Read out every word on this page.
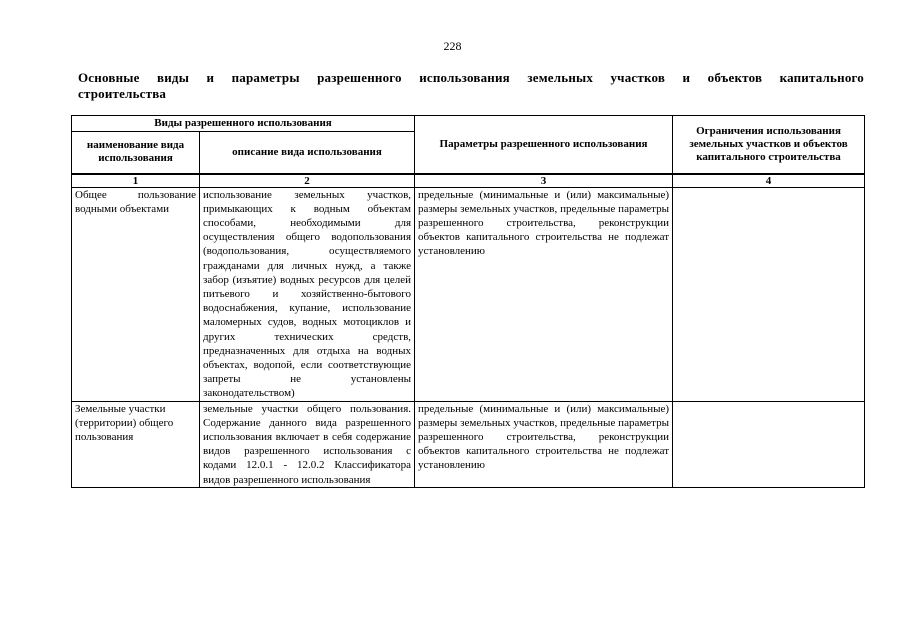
228
Основные виды и параметры разрешенного использования земельных участков и объектов капитального строительства
Виды разрешенного использования		Параметры разрешенного использования	Ограничения использования земельных участков и объектов капитального строительства
наименование вида использования	описание вида использования		
1	2	3	4
Общее пользование водными объектами	использование земельных участков, примыкающих к водным объектам способами, необходимыми для осуществления общего водопользования (водопользования, осуществляемого гражданами для личных нужд, а также забор (изъятие) водных ресурсов для целей питьевого и хозяйственно-бытового водоснабжения, купание, использование маломерных судов, водных мотоциклов и других технических средств, предназначенных для отдыха на водных объектах, водопой, если соответствующие запреты не установлены законодательством)	предельные (минимальные и (или) максимальные) размеры земельных участков, предельные параметры разрешенного строительства, реконструкции объектов капитального строительства не подлежат установлению	
Земельные участки (территории) общего пользования	земельные участки общего пользования. Содержание данного вида разрешенного использования включает в себя содержание видов разрешенного использования с кодами 12.0.1 - 12.0.2 Классификатора видов разрешенного использования	предельные (минимальные и (или) максимальные) размеры земельных участков, предельные параметры разрешенного строительства, реконструкции объектов капитального строительства не подлежат установлению	
